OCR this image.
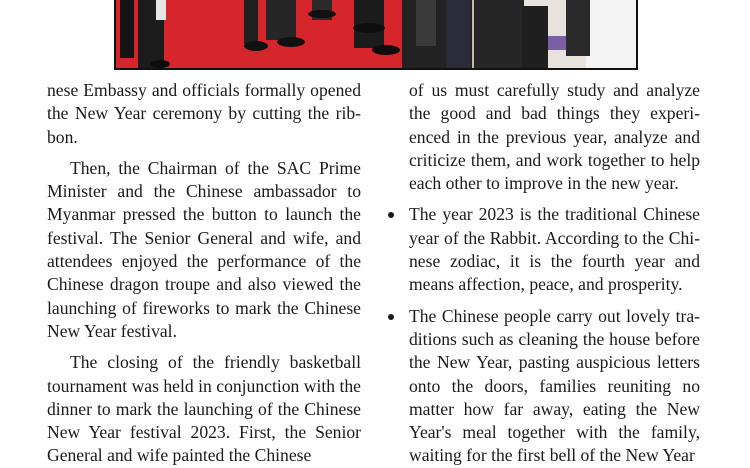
nese Embassy and officials formally opened the New Year ceremony by cutting the ribbon.

Then, the Chairman of the SAC Prime Minister and the Chinese ambassador to Myanmar pressed the button to launch the festival. The Senior General and wife, and attendees enjoyed the performance of the Chinese dragon troupe and also viewed the launching of fireworks to mark the Chinese New Year festival.

The closing of the friendly basketball tournament was held in conjunction with the dinner to mark the launching of the Chinese New Year festival 2023. First, the Senior General and wife painted the Chinese

of us must carefully study and analyze the good and bad things they experienced in the previous year, analyze and criticize them, and work together to help each other to improve in the new year.

The year 2023 is the traditional Chinese year of the Rabbit. According to the Chinese zodiac, it is the fourth year and means affection, peace, and prosperity.
The Chinese people carry out lovely traditions such as cleaning the house before the New Year, pasting auspicious letters onto the doors, families reuniting no matter how far away, eating the New Year's meal together with the family, waiting for the first bell of the New Year
